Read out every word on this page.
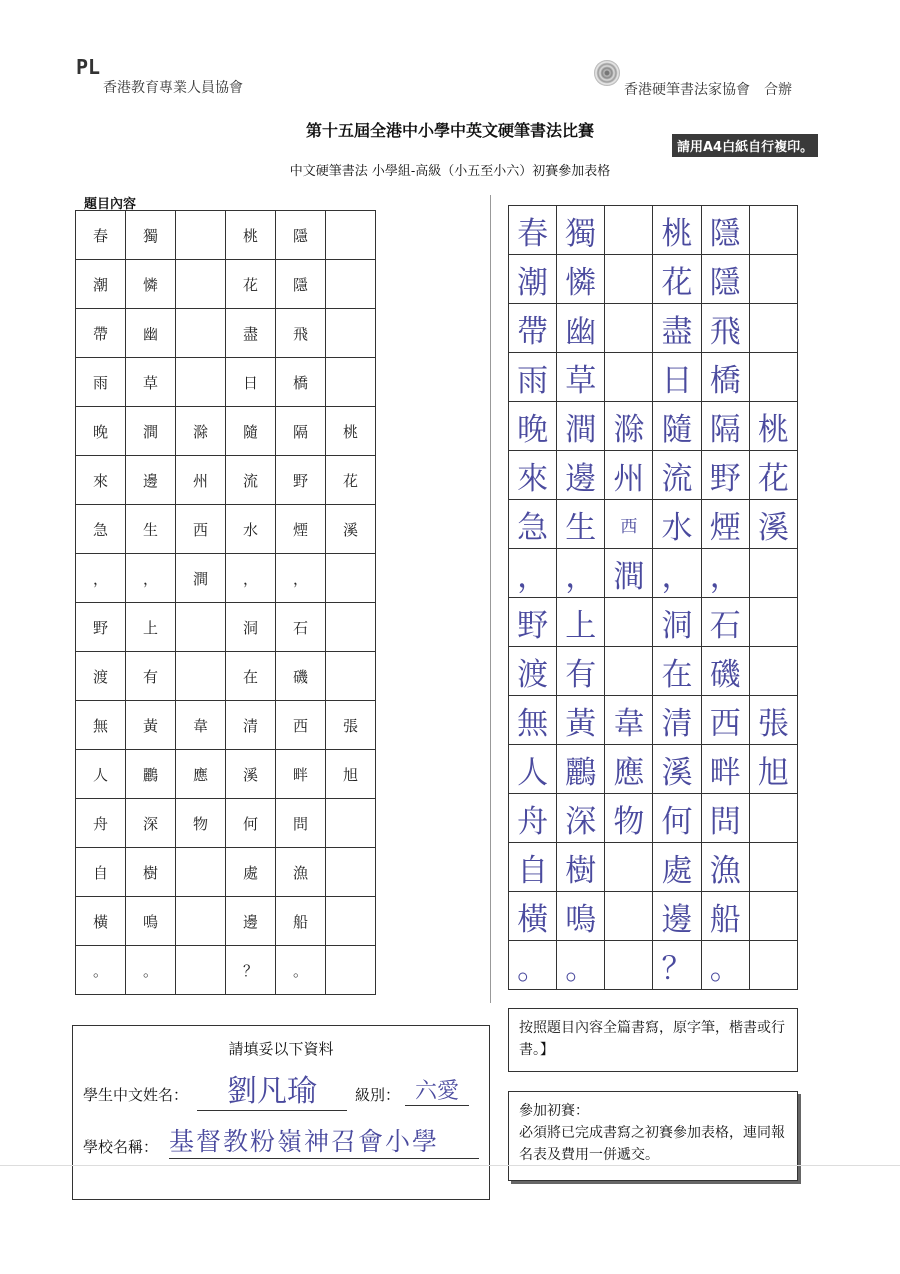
PL
香港教育專業人員協會	香港硬筆書法家協會　合辦
第十五屆全港中小學中英文硬筆書法比賽
請用A4白紙自行複印。
中文硬筆書法 小學組-高級（小五至小六）初賽參加表格
題目內容
春	獨		桃	隱	
潮	憐		花	隱	
帶	幽		盡	飛	
雨	草		日	橋	
晚	澗	滁	隨	隔	桃
來	邊	州	流	野	花
急	生	西	水	煙	溪
，	，	澗	，	，	
野	上		洞	石	
渡	有		在	磯	
無	黃	韋	清	西	張
人	鸝	應	溪	畔	旭
舟	深	物	何	問	
自	樹		處	漁	
橫	鳴		邊	船	
。	。		？	。	
春	獨		桃	隱	
潮	憐		花	隱	
帶	幽		盡	飛	
雨	草		日	橋	
晚	澗	滁	隨	隔	桃
來	邊	州	流	野	花
急	生	西	水	煙	溪
，	，	澗	，	，	
野	上		洞	石	
渡	有		在	磯	
無	黃	韋	清	西	張
人	鸝	應	溪	畔	旭
舟	深	物	何	問	
自	樹		處	漁	
橫	鳴		邊	船	
。	。		？	。	
請填妥以下資料
學生中文姓名：	劉凡瑜	級別： 六愛
學校名稱： 基督教粉嶺神召會小學
按照題目內容全篇書寫，原字筆，楷書或行書。】
參加初賽：
必須將已完成書寫之初賽參加表格，連同報名表及費用一併遞交。
